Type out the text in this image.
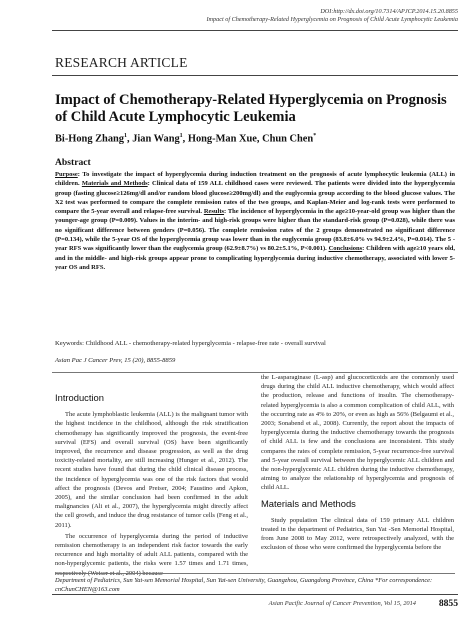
DOI:http://dx.doi.org/10.7314/APJCP.2014.15.20.8855
Impact of Chemotherapy-Related Hyperglycemia on Prognosis of Child Acute Lymphocytic Leukemia
RESEARCH ARTICLE
Impact of Chemotherapy-Related Hyperglycemia on Prognosis of Child Acute Lymphocytic Leukemia
Bi-Hong Zhang$^1$, Jian Wang$^1$, Hong-Man Xue, Chun Chen*
Abstract
Purpose: To investigate the impact of hyperglycemia during induction treatment on the prognosis of acute lymphocytic leukemia (ALL) in children. Materials and Methods: Clinical data of 159 ALL childhood cases were reviewed. The patients were divided into the hyperglycemia group (fasting glucose≥126mg/dl and/or random blood glucose≥200mg/dl) and the euglycemia group according to the blood glucose values. The X2 test was performed to compare the complete remission rates of the two groups, and Kaplan-Meier and log-rank tests were performed to compare the 5-year overall and relapse-free survival. Results: The incidence of hyperglycemia in the age≥10-year-old group was higher than the younger-age group (P=0.009). Values in the interim- and high-risk groups were higher than the standard-risk group (P=0.028), while there was no significant difference between genders (P=0.056). The complete remission rates of the 2 groups demonstrated no significant difference (P=0.134), while the 5-year OS of the hyperglycemia group was lower than in the euglycemia group (83.8±6.0% vs 94.9±2.4%, P=0.014). The 5 -year RFS was significantly lower than the euglycemia group (62.9±8.7%) vs 80.2±5.1%, P<0.001). Conclusions: Children with age≥10 years old, and in the middle- and high-risk groups appear prone to complicating hyperglycemia during inductive chemotherapy, associated with lower 5-year OS and RFS.
Keywords: Childhood ALL - chemotherapy-related hyperglycemia - relapse-free rate - overall survival
Asian Pac J Cancer Prev, 15 (20), 8855-8859
Introduction

The acute lymphoblastic leukemia (ALL) is the malignant tumor with the highest incidence in the childhood, although the risk stratification chemotherapy has significantly improved the prognosis, the event-free survival (EFS) and overall survival (OS) have been significantly improved, the recurrence and disease progression, as well as the drug toxicity-related mortality, are still increasing (Hunger et al., 2012). The recent studies have found that during the child clinical disease process, the incidence of hyperglycemia was one of the risk factors that would affect the prognosis (Devos and Preiser, 2004; Faustino and Apkon, 2005), and the similar conclusion had been confirmed in the adult malignancies (Ali et al., 2007), the hyperglycemia might directly affect the cell growth, and induce the drug resistance of tumor cells (Feng et al., 2011).

The occurrence of hyperglycemia during the period of inductive remission chemotherapy is an independent risk factor towards the early recurrence and high mortality of adult ALL patients, compared with the non-hyperglycemic patients, the risks were 1.57 times and 1.71 times, respectively (Weiser et al., 2004) because

the L-asparaginase (L-asp) and glucocorticoids are the commonly used drugs during the child ALL inductive chemotherapy, which would affect the production, release and functions of insulin. The chemotherapy-related hyperglycemia is also a common complication of child ALL, with the occurring rate as 4% to 20%, or even as high as 56% (Belgaumi et al., 2003; Sonabend et al., 2008). Currently, the report about the impacts of hyperglycemia during the inductive chemotherapy towards the prognosis of child ALL is few and the conclusions are inconsistent. This study compares the rates of complete remission, 5-year recurrence-free survival and 5-year overall survival between the hyperglycemic ALL children and the non-hyperglycemic ALL children during the inductive chemotherapy, aiming to analyze the relationship of hyperglycemia and prognosis of child ALL.

Materials and Methods

Study population The clinical data of 159 primary ALL children treated in the department of Pediatrics, Sun Yat -Sen Memorial Hospital, from June 2008 to May 2012, were retrospectively analyzed, with the exclusion of those who were confirmed the hyperglycemia before the

Department of Pediatrics, Sun Yat-sen Memorial Hospital, Sun Yat-sen University, Guangzhou, Guangdong Province, China *For correspondence: cnChunCHEN@163.com
Asian Pacific Journal of Cancer Prevention, Vol 15, 2014 8855
